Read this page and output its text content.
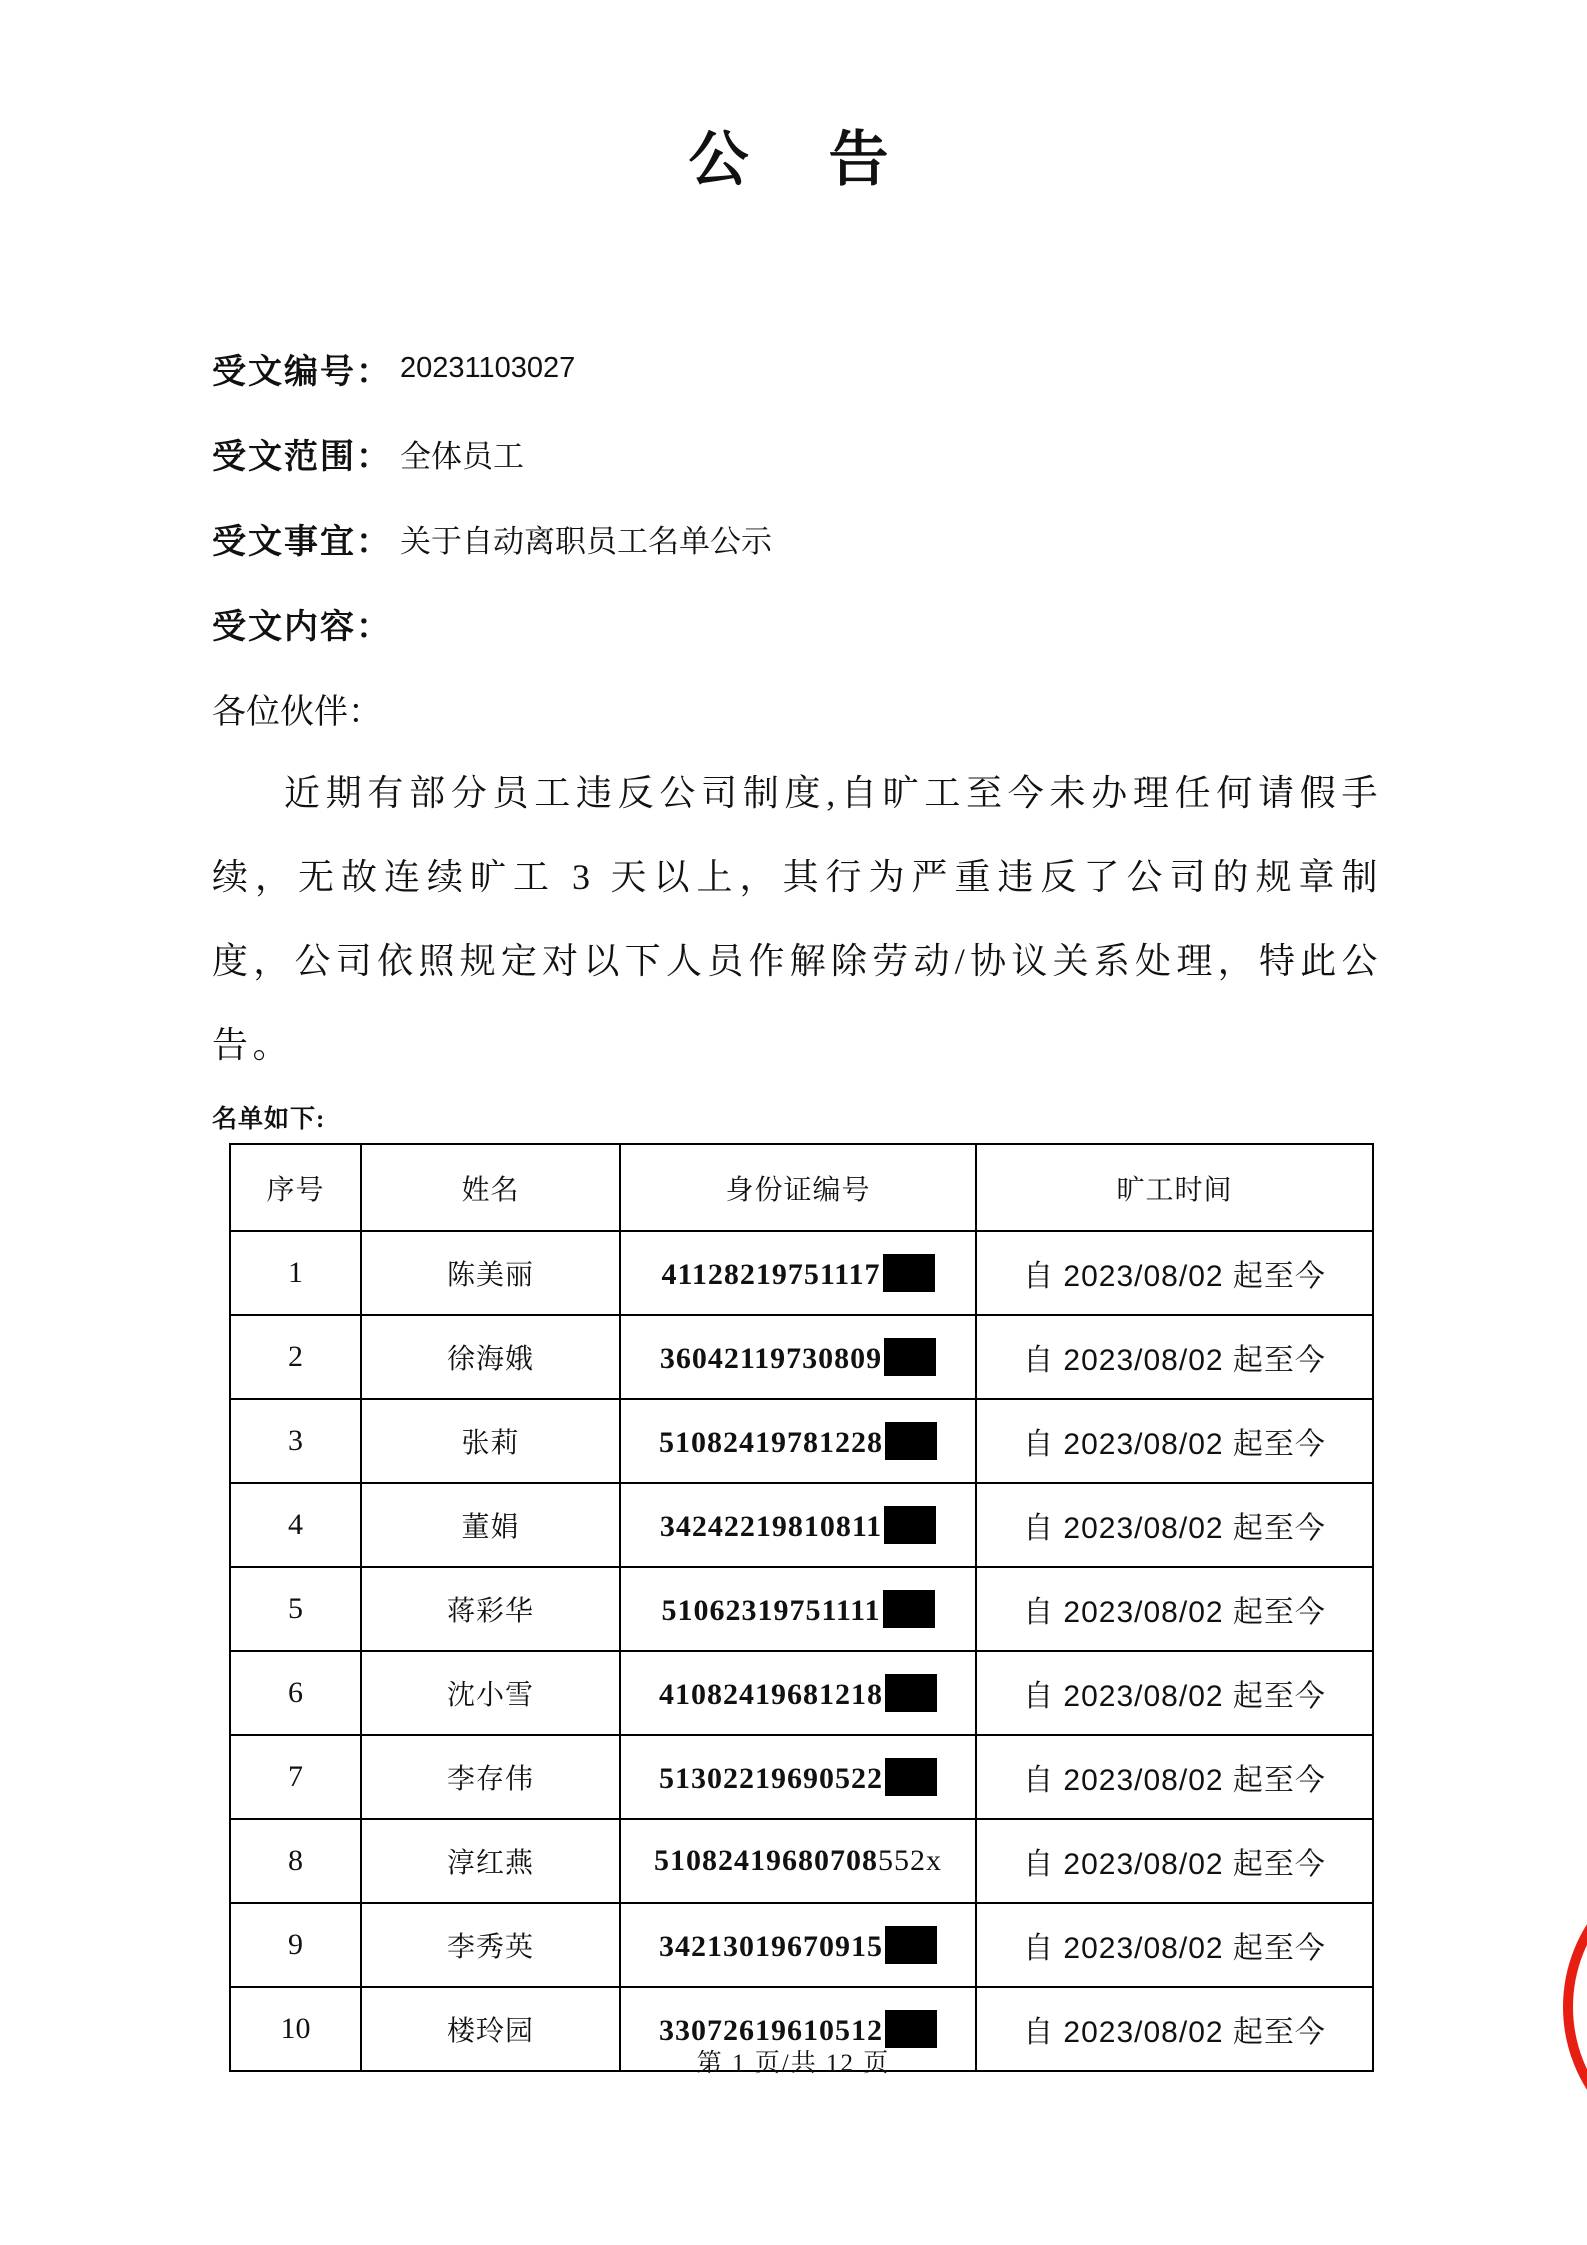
公　告
受文编号： 20231103027
受文范围： 全体员工
受文事宜： 关于自动离职员工名单公示
受文内容：
各位伙伴：

近期有部分员工违反公司制度,自旷工至今未办理任何请假手续，无故连续旷工 3 天以上，其行为严重违反了公司的规章制度，公司依照规定对以下人员作解除劳动/协议关系处理，特此公告。

名单如下:
序号	姓名	身份证编号	旷工时间
1	陈美丽	41128219751117	自 2023/08/02 起至今
2	徐海娥	36042119730809	自 2023/08/02 起至今
3	张莉	51082419781228	自 2023/08/02 起至今
4	董娟	34242219810811	自 2023/08/02 起至今
5	蒋彩华	51062319751111	自 2023/08/02 起至今
6	沈小雪	41082419681218	自 2023/08/02 起至今
7	李存伟	51302219690522	自 2023/08/02 起至今
8	淳红燕	51082419680708552x	自 2023/08/02 起至今
9	李秀英	34213019670915	自 2023/08/02 起至今
10	楼玲园	33072619610512	自 2023/08/02 起至今
第 1 页/共 12 页
